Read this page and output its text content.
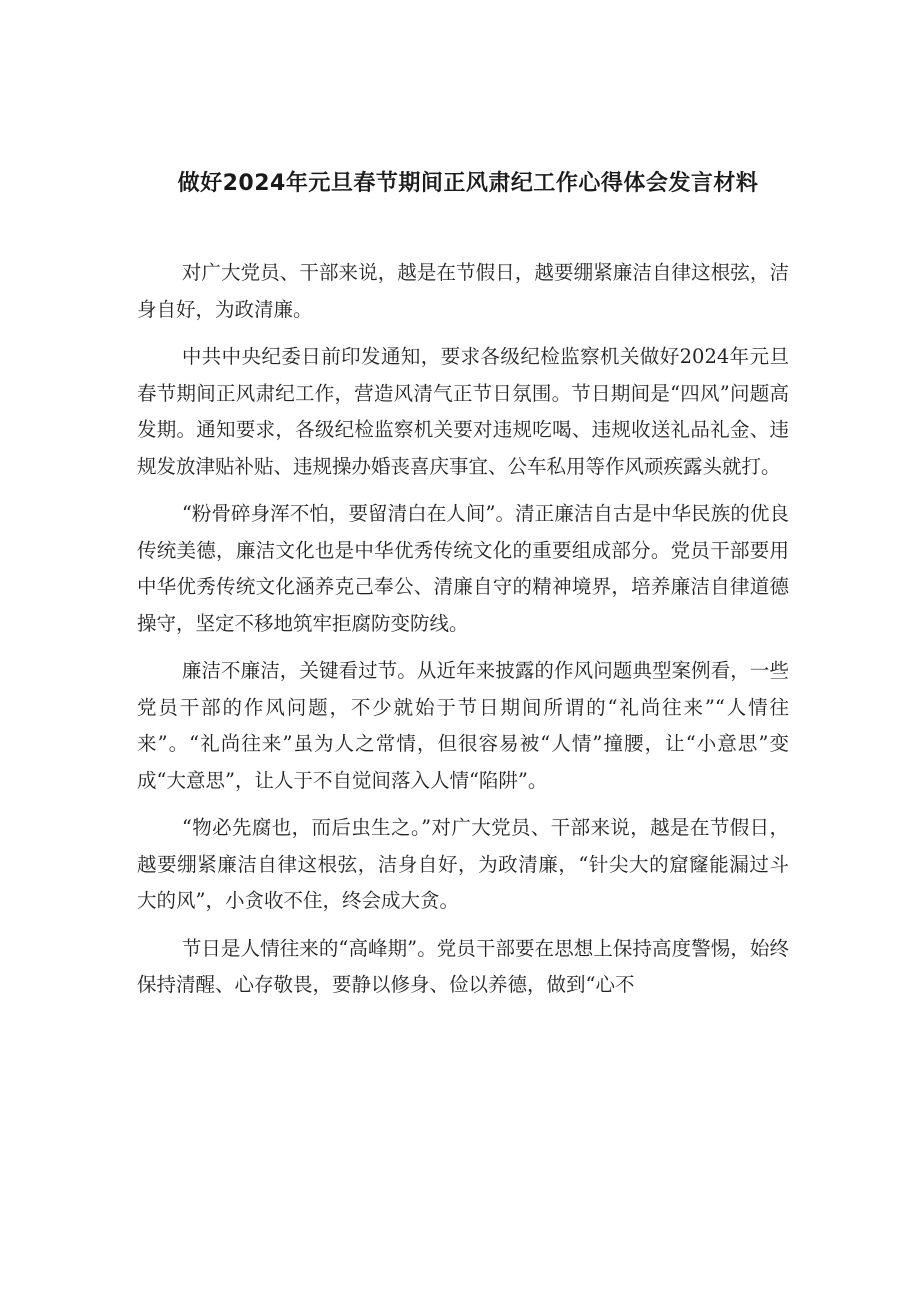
做好2024年元旦春节期间正风肃纪工作心得体会发言材料

对广大党员、干部来说，越是在节假日，越要绷紧廉洁自律这根弦，洁身自好，为政清廉。

中共中央纪委日前印发通知，要求各级纪检监察机关做好2024年元旦春节期间正风肃纪工作，营造风清气正节日氛围。节日期间是“四风”问题高发期。通知要求，各级纪检监察机关要对违规吃喝、违规收送礼品礼金、违规发放津贴补贴、违规操办婚丧喜庆事宜、公车私用等作风顽疾露头就打。

“粉骨碎身浑不怕，要留清白在人间”。清正廉洁自古是中华民族的优良传统美德，廉洁文化也是中华优秀传统文化的重要组成部分。党员干部要用中华优秀传统文化涵养克己奉公、清廉自守的精神境界，培养廉洁自律道德操守，坚定不移地筑牢拒腐防变防线。

廉洁不廉洁，关键看过节。从近年来披露的作风问题典型案例看，一些党员干部的作风问题，不少就始于节日期间所谓的“礼尚往来”“人情往来”。“礼尚往来”虽为人之常情，但很容易被“人情”撞腰，让“小意思”变成“大意思”，让人于不自觉间落入人情“陷阱”。

“物必先腐也，而后虫生之。”对广大党员、干部来说，越是在节假日，越要绷紧廉洁自律这根弦，洁身自好，为政清廉，“针尖大的窟窿能漏过斗大的风”，小贪收不住，终会成大贪。

节日是人情往来的“高峰期”。党员干部要在思想上保持高度警惕，始终保持清醒、心存敬畏，要静以修身、俭以养德，做到“心不
